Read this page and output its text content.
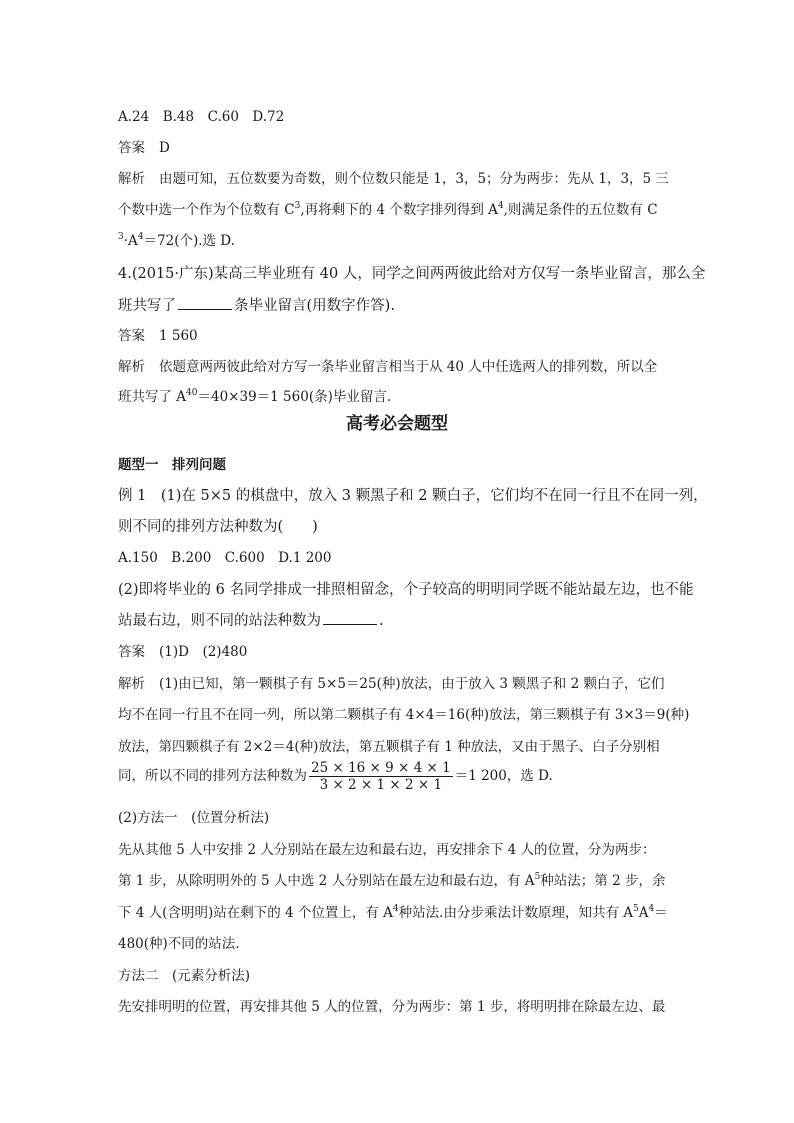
A.24　B.48　C.60　D.72
答案 D
解析 由题可知，五位数要为奇数，则个位数只能是 1，3，5；分为两步：先从 1，3，5 三
个数中选一个作为个位数有 $C^3$,再将剩下的 4 个数字排列得到 $A^4$,则满足条件的五位数有 C
$^3\cdot A^4=72$(个).选 D.
4.(2015·广东)某高三毕业班有 40 人，同学之间两两彼此给对方仅写一条毕业留言，那么全
班共写了	条毕业留言(用数字作答).
答案 1 560
解析 依题意两两彼此给对方写一条毕业留言相当于从 40 人中任选两人的排列数，所以全
班共写了 $A^{40}=40\times 39=1$ 560(条)毕业留言.
高考必会题型
题型一　排列问题
例 1　(1)在 5×5 的棋盘中，放入 3 颗黑子和 2 颗白子，它们均不在同一行且不在同一列，
则不同的排列方法种数为(　　)
A.150　B.200　C.600　D.1 200
(2)即将毕业的 6 名同学排成一排照相留念，个子较高的明明同学既不能站最左边，也不能
站最右边，则不同的站法种数为	.
答案 (1)D　(2)480
解析 (1)由已知，第一颗棋子有 5×5＝25(种)放法，由于放入 3 颗黑子和 2 颗白子，它们
均不在同一行且不在同一列，所以第二颗棋子有 4×4＝16(种)放法，第三颗棋子有 3×3＝9(种)
放法，第四颗棋子有 2×2＝4(种)放法，第五颗棋子有 1 种放法，又由于黑子、白子分别相
同，所以不同的排列方法种数为 $\frac{25 \times 16 \times 9 \times 4 \times 1}{3 \times 2 \times 1 \times 2 \times 1} =1$ 200，选 D.
(2)方法一　(位置分析法)
先从其他 5 人中安排 2 人分别站在最左边和最右边，再安排余下 4 人的位置，分为两步：
第 1 步，从除明明外的 5 人中选 2 人分别站在最左边和最右边，有 $A^5$种站法；第 2 步，余
下 4 人(含明明)站在剩下的 4 个位置上，有 $A^4$种站法.由分步乘法计数原理，知共有 $A^5A^4=$
480(种)不同的站法.
方法二　(元素分析法)
先安排明明的位置，再安排其他 5 人的位置，分为两步：第 1 步，将明明排在除最左边、最
